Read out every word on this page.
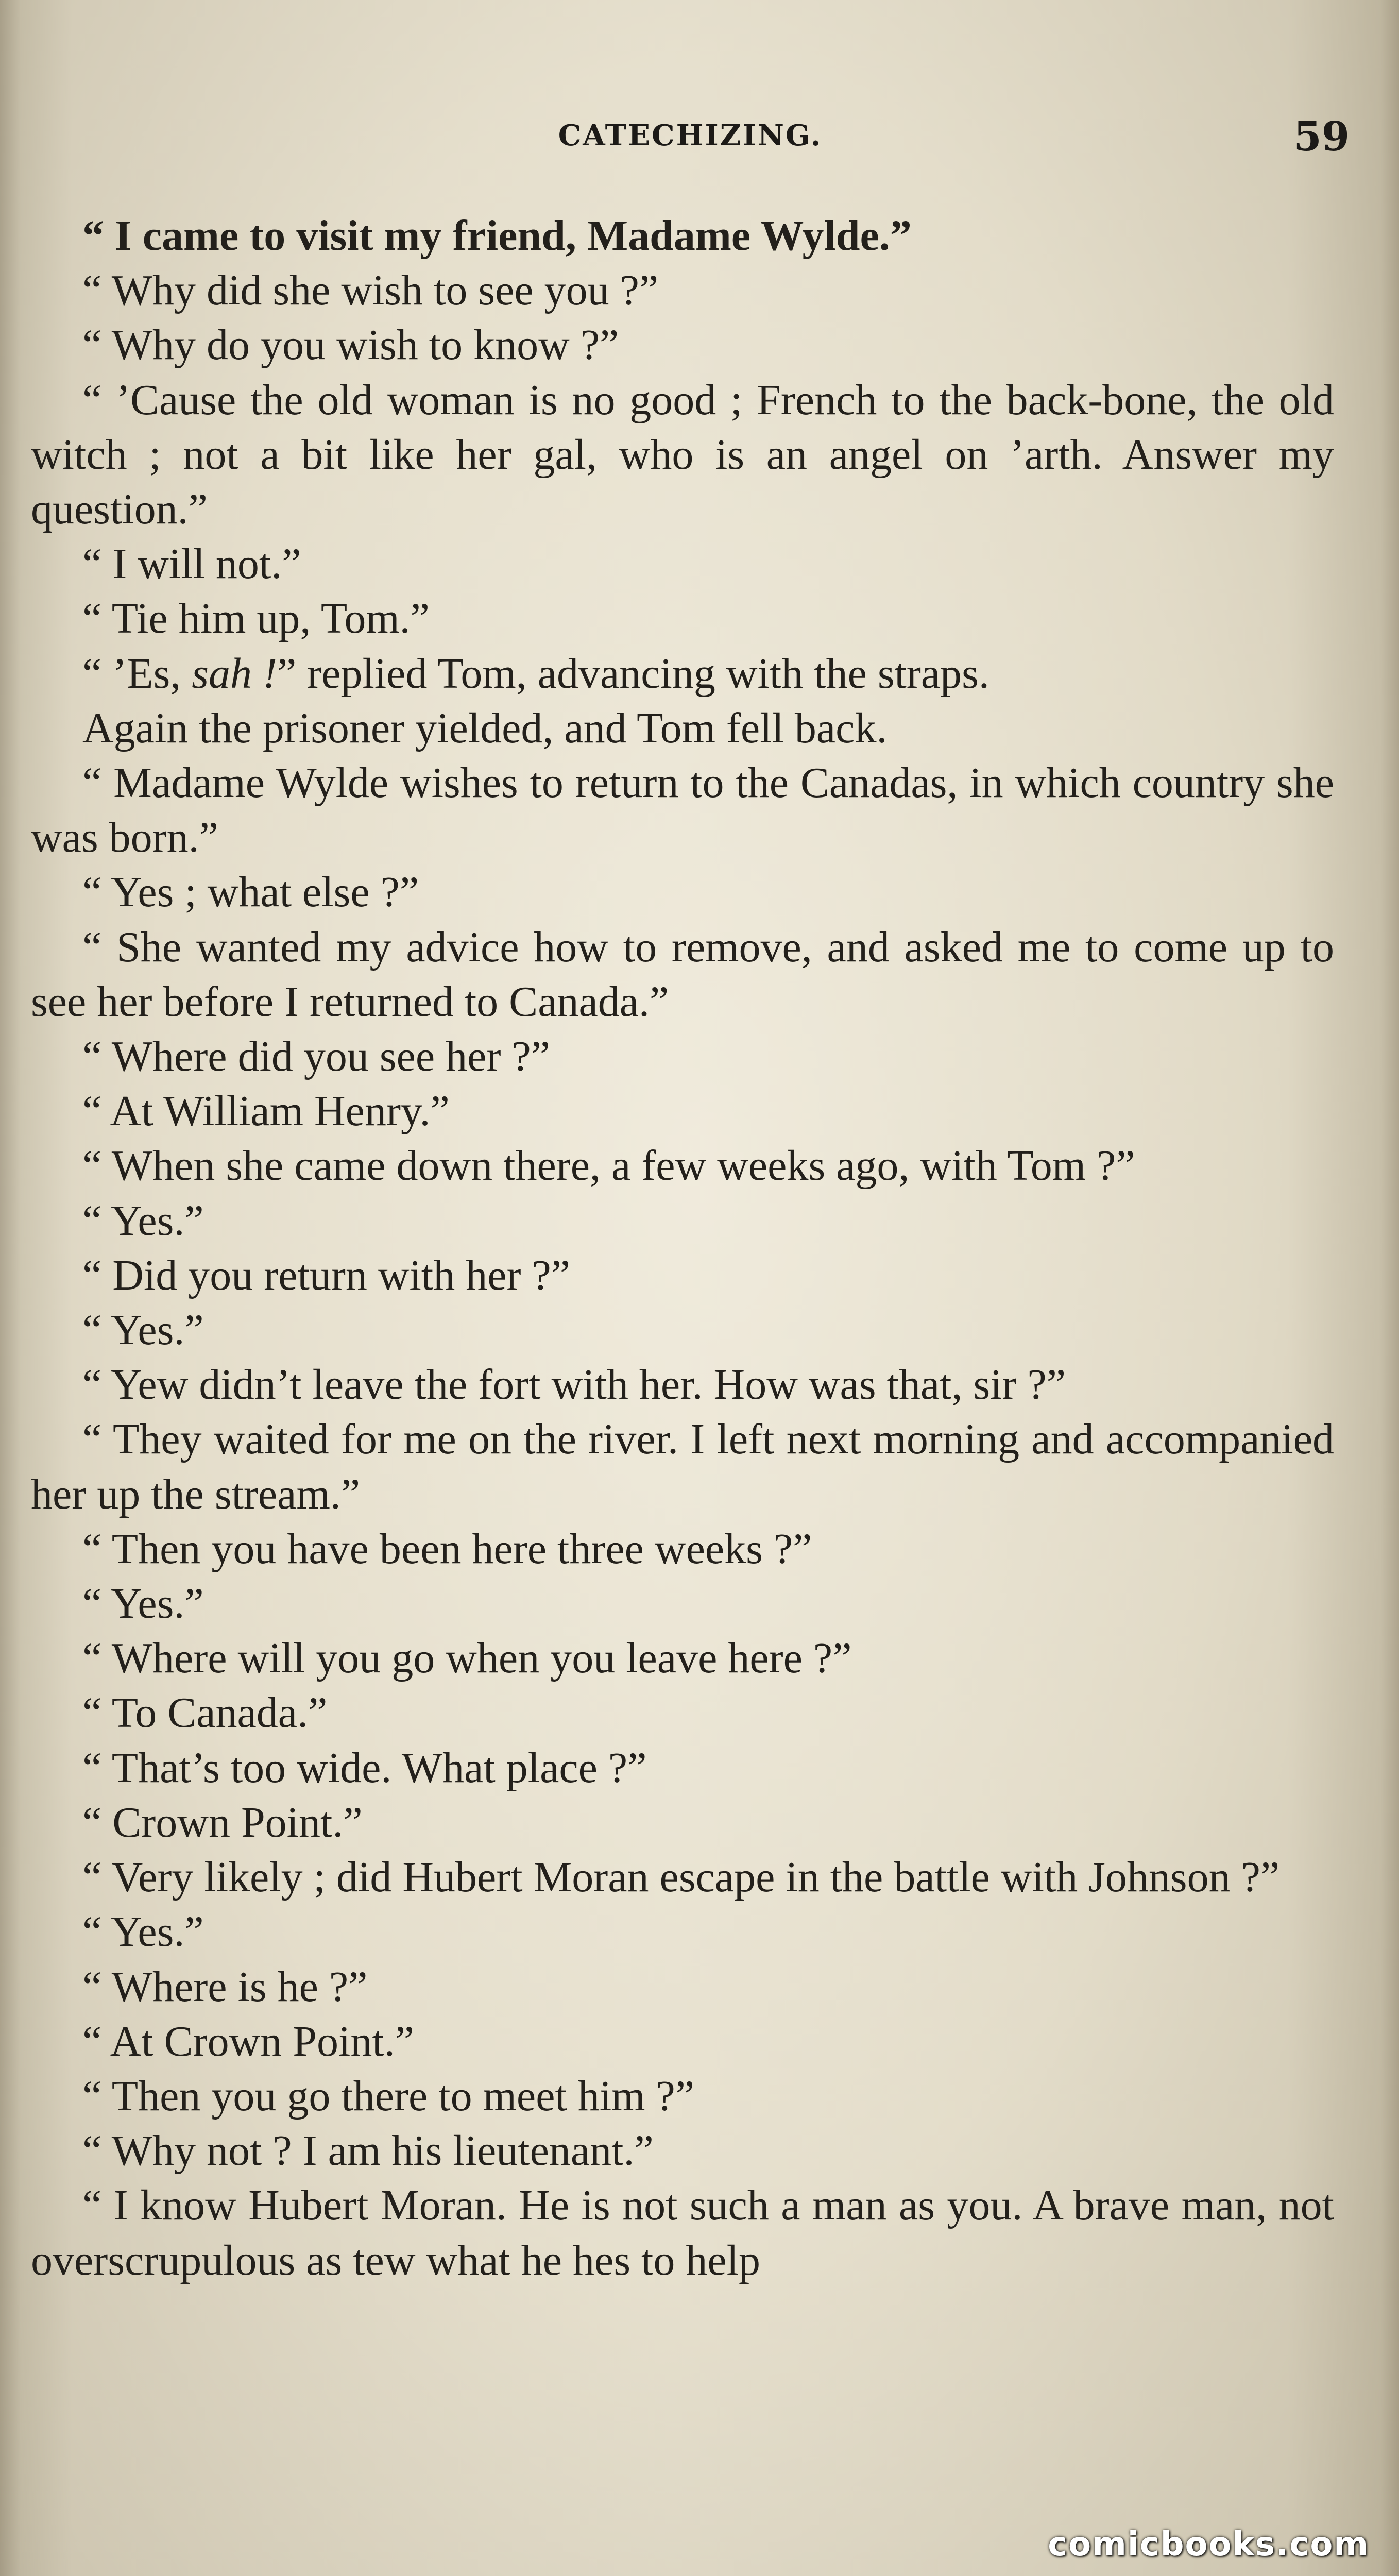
CATECHIZING.	59

“ I came to visit my friend, Madame Wylde.”

“ Why did she wish to see you ?”

“ Why do you wish to know ?”

“ ’Cause the old woman is no good ; French to the back-bone, the old witch ; not a bit like her gal, who is an angel on ’arth. Answer my question.”

“ I will not.”

“ Tie him up, Tom.”

“ ’Es, sah !” replied Tom, advancing with the straps.

Again the prisoner yielded, and Tom fell back.

“ Madame Wylde wishes to return to the Canadas, in which country she was born.”

“ Yes ; what else ?”

“ She wanted my advice how to remove, and asked me to come up to see her before I returned to Canada.”

“ Where did you see her ?”

“ At William Henry.”

“ When she came down there, a few weeks ago, with Tom ?”

“ Yes.”

“ Did you return with her ?”

“ Yes.”

“ Yew didn’t leave the fort with her. How was that, sir ?”

“ They waited for me on the river. I left next morning and accompanied her up the stream.”

“ Then you have been here three weeks ?”

“ Yes.”

“ Where will you go when you leave here ?”

“ To Canada.”

“ That’s too wide. What place ?”

“ Crown Point.”

“ Very likely ; did Hubert Moran escape in the battle with Johnson ?”

“ Yes.”

“ Where is he ?”

“ At Crown Point.”

“ Then you go there to meet him ?”

“ Why not ? I am his lieutenant.”

“ I know Hubert Moran. He is not such a man as you. A brave man, not overscrupulous as tew what he hes to help

comicbooks.com
